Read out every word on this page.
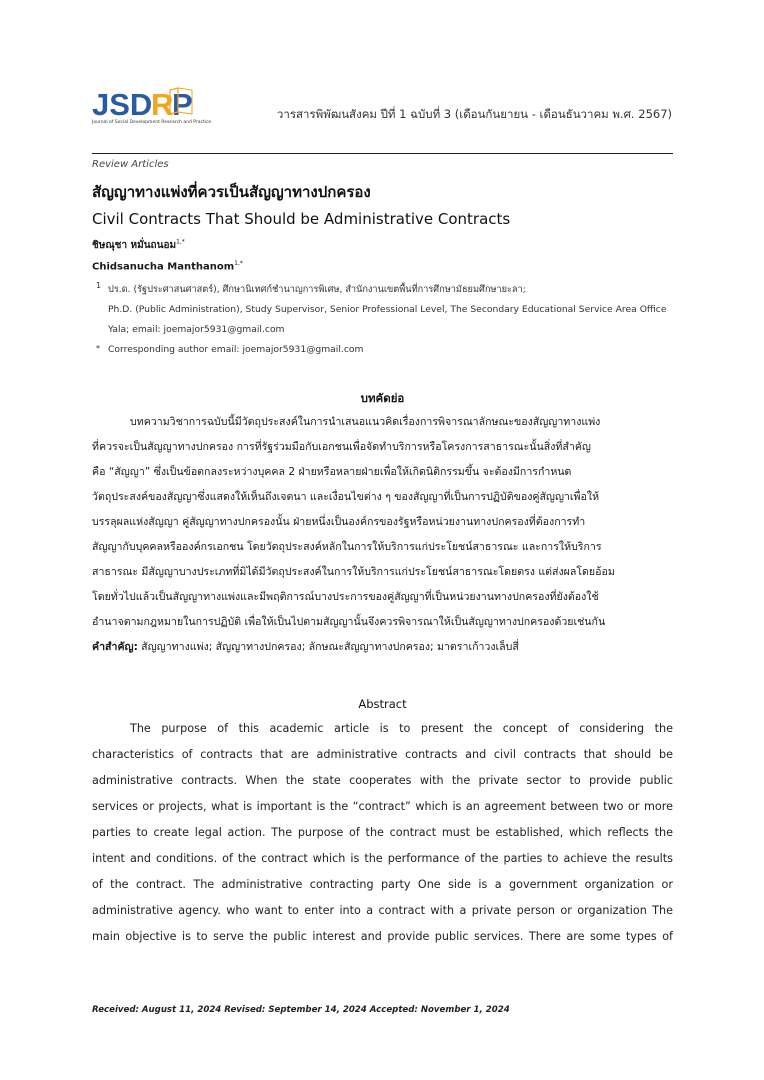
JSD
R
P
Journal of Social Development Research and Practice
วารสารพิพัฒนสังคม ปีที่ 1 ฉบับที่ 3 (เดือนกันยายน - เดือนธันวาคม พ.ศ. 2567)
Review Articles
สัญญาทางแพ่งที่ควรเป็นสัญญาทางปกครอง
Civil Contracts That Should be Administrative Contracts
ชิษณุชา หมั่นถนอม$^{1,*}$
Chidsanucha Manthanom$^{1,*}$
1 ปร.ด. (รัฐประศาสนศาสตร์), ศึกษานิเทศก์ชำนาญการพิเศษ, สำนักงานเขตพื้นที่การศึกษามัธยมศึกษายะลา;
Ph.D. (Public Administration), Study Supervisor, Senior Professional Level, The Secondary Educational Service Area Office
Yala; email: joemajor5931@gmail.com
* Corresponding author email: joemajor5931@gmail.com
บทคัดย่อ
บทความวิชาการฉบับนี้มีวัตถุประสงค์ในการนำเสนอแนวคิดเรื่องการพิจารณาลักษณะของสัญญาทางแพ่ง
ที่ควรจะเป็นสัญญาทางปกครอง การที่รัฐร่วมมือกับเอกชนเพื่อจัดทำบริการหรือโครงการสาธารณะนั้นสิ่งที่สำคัญ
คือ “สัญญา” ซึ่งเป็นข้อตกลงระหว่างบุคคล 2 ฝ่ายหรือหลายฝ่ายเพื่อให้เกิดนิติกรรมขึ้น จะต้องมีการกำหนด
วัตถุประสงค์ของสัญญาซึ่งแสดงให้เห็นถึงเจตนา และเงื่อนไขต่าง ๆ ของสัญญาที่เป็นการปฏิบัติของคู่สัญญาเพื่อให้
บรรลุผลแห่งสัญญา คู่สัญญาทางปกครองนั้น ฝ่ายหนึ่งเป็นองค์กรของรัฐหรือหน่วยงานทางปกครองที่ต้องการทำ
สัญญากับบุคคลหรือองค์กรเอกชน โดยวัตถุประสงค์หลักในการให้บริการแก่ประโยชน์สาธารณะ และการให้บริการ
สาธารณะ มีสัญญาบางประเภทที่มิได้มีวัตถุประสงค์ในการให้บริการแก่ประโยชน์สาธารณะโดยตรง แต่ส่งผลโดยอ้อม
โดยทั่วไปแล้วเป็นสัญญาทางแพ่งและมีพฤติการณ์บางประการของคู่สัญญาที่เป็นหน่วยงานทางปกครองที่ยังต้องใช้
อำนาจตามกฎหมายในการปฏิบัติ เพื่อให้เป็นไปตามสัญญานั้นจึงควรพิจารณาให้เป็นสัญญาทางปกครองด้วยเช่นกัน
คำสำคัญ: สัญญาทางแพ่ง; สัญญาทางปกครอง; ลักษณะสัญญาทางปกครอง; มาตราเก้าวงเล็บสี่
Abstract
The purpose of this academic article is to present the concept of considering the
characteristics of contracts that are administrative contracts and civil contracts that should be
administrative contracts. When the state cooperates with the private sector to provide public
services or projects, what is important is the “contract” which is an agreement between two or more
parties to create legal action. The purpose of the contract must be established, which reflects the
intent and conditions. of the contract which is the performance of the parties to achieve the results
of the contract. The administrative contracting party One side is a government organization or
administrative agency. who want to enter into a contract with a private person or organization The
main objective is to serve the public interest and provide public services. There are some types of
Received: August 11, 2024 Revised: September 14, 2024 Accepted: November 1, 2024
